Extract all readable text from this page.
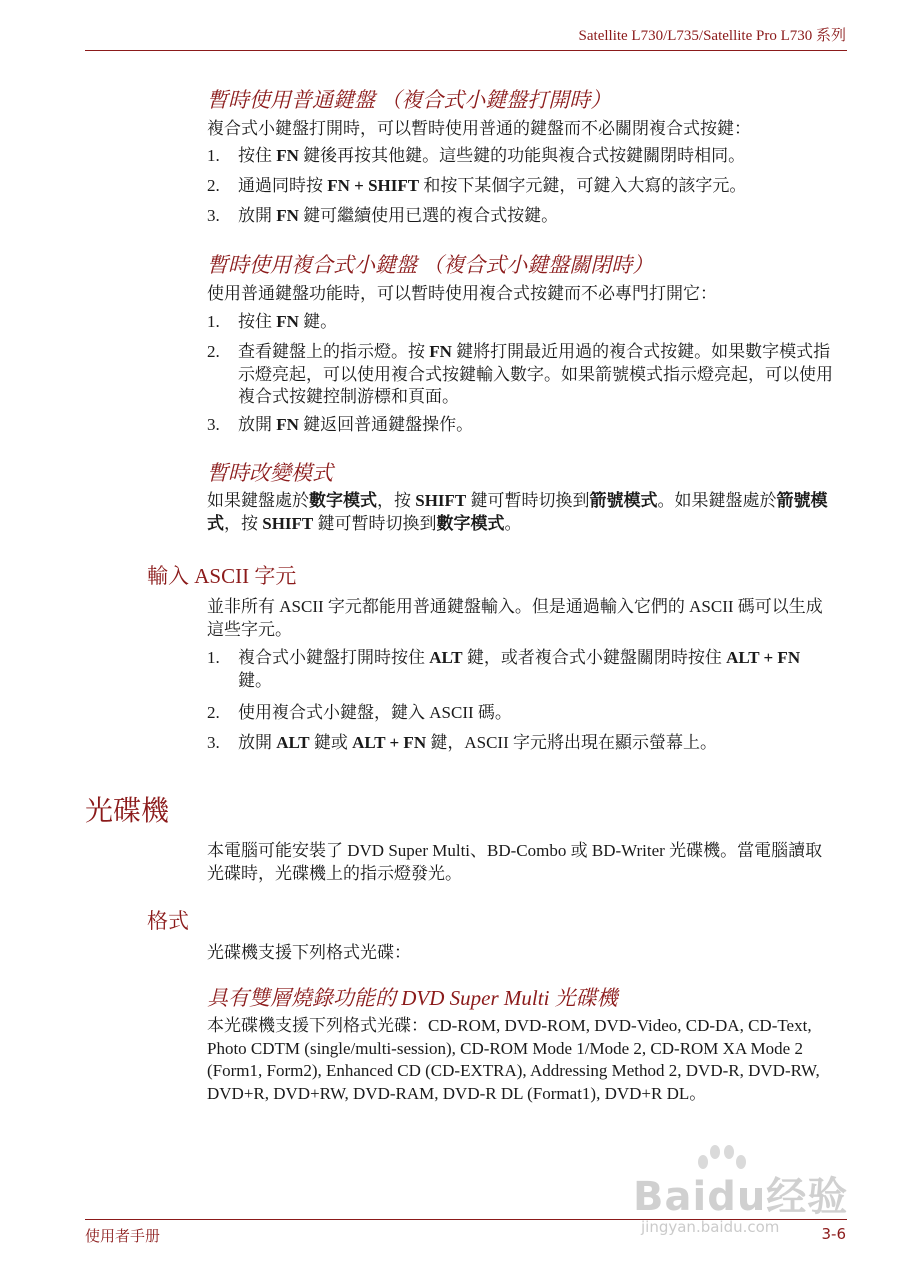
Satellite L730/L735/Satellite Pro L730 系列
暫時使用普通鍵盤 （複合式小鍵盤打開時）
複合式小鍵盤打開時，可以暫時使用普通的鍵盤而不必關閉複合式按鍵：
1. 按住 FN 鍵後再按其他鍵。這些鍵的功能與複合式按鍵關閉時相同。
2. 通過同時按 FN + SHIFT 和按下某個字元鍵，可鍵入大寫的該字元。
3. 放開 FN 鍵可繼續使用已選的複合式按鍵。
暫時使用複合式小鍵盤 （複合式小鍵盤關閉時）
使用普通鍵盤功能時，可以暫時使用複合式按鍵而不必專門打開它：
1. 按住 FN 鍵。
2. 查看鍵盤上的指示燈。按 FN 鍵將打開最近用過的複合式按鍵。如果數字模式指示燈亮起，可以使用複合式按鍵輸入數字。如果箭號模式指示燈亮起，可以使用複合式按鍵控制游標和頁面。
3. 放開 FN 鍵返回普通鍵盤操作。
暫時改變模式
如果鍵盤處於數字模式，按 SHIFT 鍵可暫時切換到箭號模式。如果鍵盤處於箭號模式，按 SHIFT 鍵可暫時切換到數字模式。
輸入 ASCII 字元
並非所有 ASCII 字元都能用普通鍵盤輸入。但是通過輸入它們的 ASCII 碼可以生成這些字元。
1. 複合式小鍵盤打開時按住 ALT 鍵，或者複合式小鍵盤關閉時按住 ALT + FN 鍵。
2. 使用複合式小鍵盤，鍵入 ASCII 碼。
3. 放開 ALT 鍵或 ALT + FN 鍵，ASCII 字元將出現在顯示螢幕上。
光碟機
本電腦可能安裝了 DVD Super Multi、BD-Combo 或 BD-Writer 光碟機。當電腦讀取光碟時，光碟機上的指示燈發光。
格式
光碟機支援下列格式光碟：
具有雙層燒錄功能的 DVD Super Multi 光碟機
本光碟機支援下列格式光碟：CD-ROM, DVD-ROM, DVD-Video, CD-DA, CD-Text, Photo CDTM (single/multi-session), CD-ROM Mode 1/Mode 2, CD-ROM XA Mode 2 (Form1, Form2), Enhanced CD (CD-EXTRA), Addressing Method 2, DVD-R, DVD-RW, DVD+R, DVD+RW, DVD-RAM, DVD-R DL (Format1), DVD+R DL。
Baidu经验
jingyan.baidu.com
使用者手册	3-6
